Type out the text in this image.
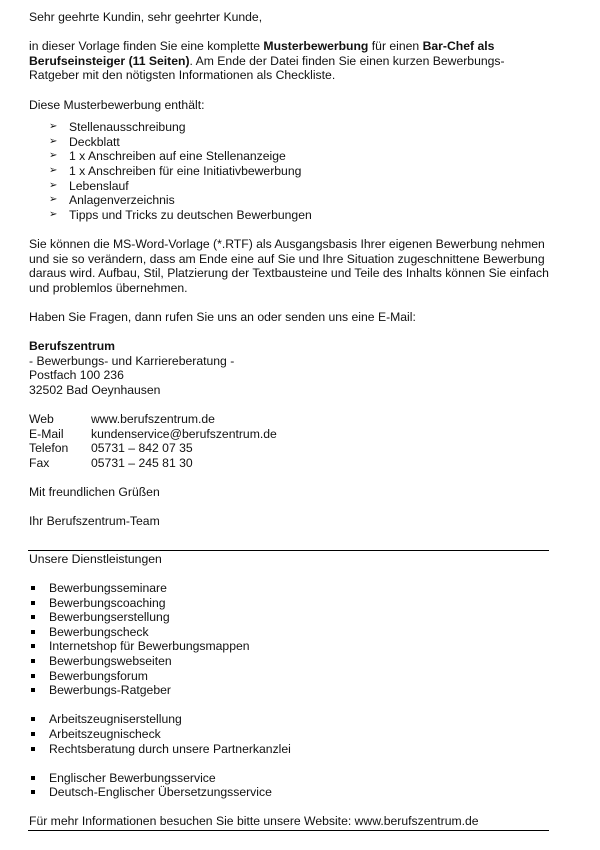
Sehr geehrte Kundin, sehr geehrter Kunde,

in dieser Vorlage finden Sie eine komplette Musterbewerbung für einen Bar-Chef als Berufseinsteiger (11 Seiten). Am Ende der Datei finden Sie einen kurzen Bewerbungs-Ratgeber mit den nötigsten Informationen als Checkliste.

Diese Musterbewerbung enthält:

➢ Stellenausschreibung
➢ Deckblatt
➢ 1 x Anschreiben auf eine Stellenanzeige
➢ 1 x Anschreiben für eine Initiativbewerbung
➢ Lebenslauf
➢ Anlagenverzeichnis
➢ Tipps und Tricks zu deutschen Bewerbungen

Sie können die MS-Word-Vorlage (*.RTF) als Ausgangsbasis Ihrer eigenen Bewerbung nehmen und sie so verändern, dass am Ende eine auf Sie und Ihre Situation zugeschnittene Bewerbung daraus wird. Aufbau, Stil, Platzierung der Textbausteine und Teile des Inhalts können Sie einfach und problemlos übernehmen.

Haben Sie Fragen, dann rufen Sie uns an oder senden uns eine E-Mail:

Berufszentrum

- Bewerbungs- und Karriereberatung -

Postfach 100 236

32502 Bad Oeynhausen

Web	www.berufszentrum.de
E-Mail	kundenservice@berufszentrum.de
Telefon	05731 – 842 07 35
Fax	05731 – 245 81 30

Mit freundlichen Grüßen

Ihr Berufszentrum-Team

Unsere Dienstleistungen

Bewerbungsseminare
Bewerbungscoaching
Bewerbungserstellung
Bewerbungscheck
Internetshop für Bewerbungsmappen
Bewerbungswebseiten
Bewerbungsforum
Bewerbungs-Ratgeber
Arbeitszeugniserstellung
Arbeitszeugnischeck
Rechtsberatung durch unsere Partnerkanzlei
Englischer Bewerbungsservice
Deutsch-Englischer Übersetzungsservice

Für mehr Informationen besuchen Sie bitte unsere Website: www.berufszentrum.de
